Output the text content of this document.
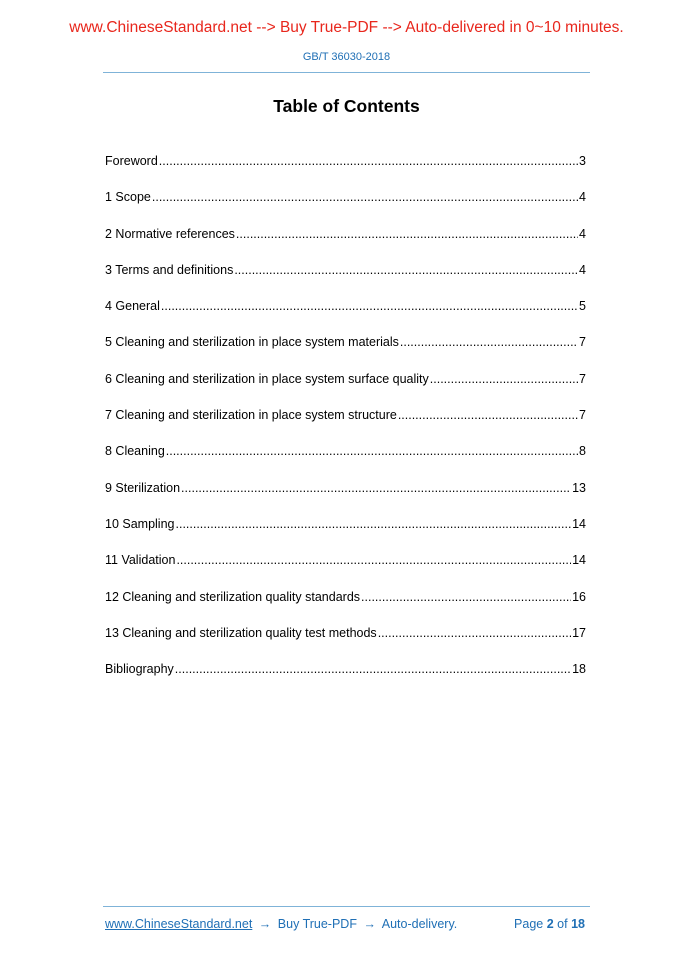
www.ChineseStandard.net --> Buy True-PDF --> Auto-delivered in 0~10 minutes.
GB/T 36030-2018
Table of Contents
Foreword .....	3
1 Scope .....	4
2 Normative references .....	4
3 Terms and definitions .....	4
4 General .....	5
5 Cleaning and sterilization in place system materials .....	7
6 Cleaning and sterilization in place system surface quality .....	7
7 Cleaning and sterilization in place system structure .....	7
8 Cleaning .....	8
9 Sterilization .....	13
10 Sampling .....	14
11 Validation .....	14
12 Cleaning and sterilization quality standards .....	16
13 Cleaning and sterilization quality test methods .....	17
Bibliography .....	18
www.ChineseStandard.net → Buy True-PDF → Auto-delivery.	Page 2 of 18
